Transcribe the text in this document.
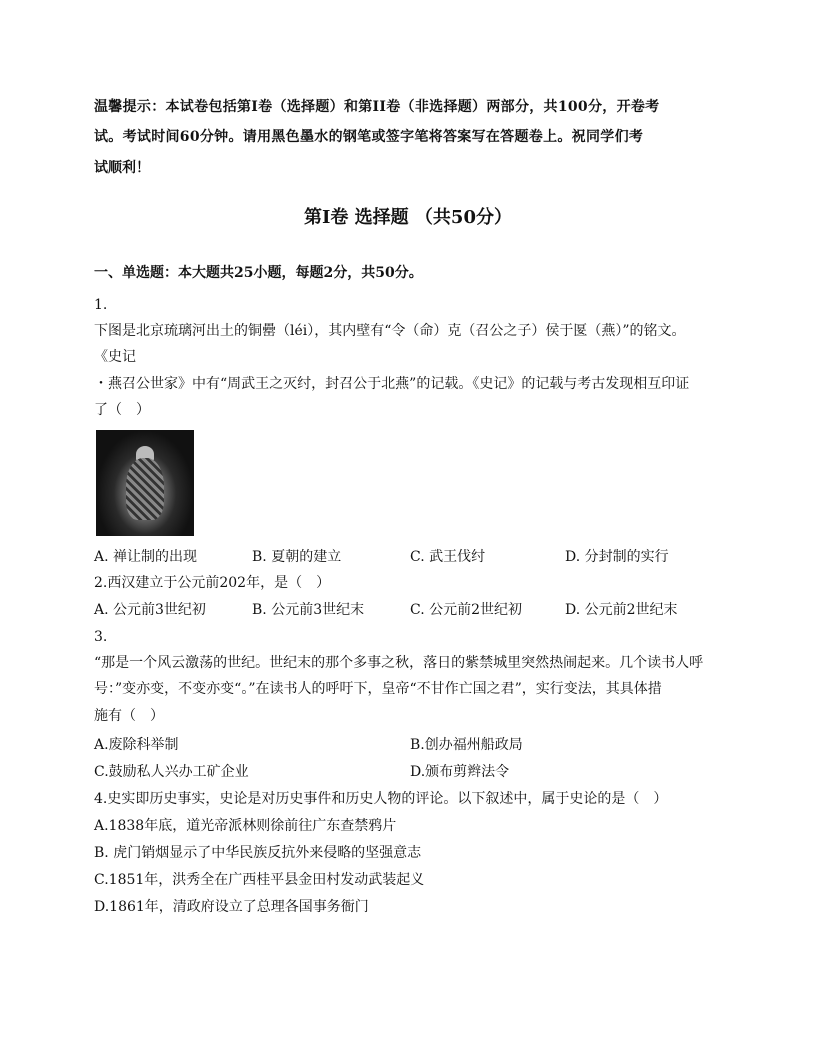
温馨提示：本试卷包括第I卷（选择题）和第II卷（非选择题）两部分，共100分，开卷考
试。考试时间60分钟。请用黑色墨水的钢笔或签字笔将答案写在答题卷上。祝同学们考
试顺利！
第I卷 选择题 （共50分）
一、单选题：本大题共25小题，每题2分，共50分。
1.
下图是北京琉璃河出土的铜罍（léi），其内壁有“令（命）克（召公之子）侯于匽（燕）”的铭文。
《史记
・燕召公世家》中有“周武王之灭纣，封召公于北燕”的记载。《史记》的记载与考古发现相互印证
了（　）
A. 禅让制的出现	B. 夏朝的建立	C. 武王伐纣	D. 分封制的实行
2.西汉建立于公元前202年，是（　）
A. 公元前3世纪初	B. 公元前3世纪末	C. 公元前2世纪初	D. 公元前2世纪末
3.
“那是一个风云激荡的世纪。世纪末的那个多事之秋，落日的紫禁城里突然热闹起来。几个读书人呼
号：”变亦变，不变亦变“。”在读书人的呼吁下，皇帝“不甘作亡国之君”，实行变法，其具体措
施有（　）
A.废除科举制	B.创办福州船政局
C.鼓励私人兴办工矿企业	D.颁布剪辫法令
4.史实即历史事实，史论是对历史事件和历史人物的评论。以下叙述中，属于史论的是（　）
A.1838年底，道光帝派林则徐前往广东查禁鸦片
B. 虎门销烟显示了中华民族反抗外来侵略的坚强意志
C.1851年，洪秀全在广西桂平县金田村发动武装起义
D.1861年，清政府设立了总理各国事务衙门
